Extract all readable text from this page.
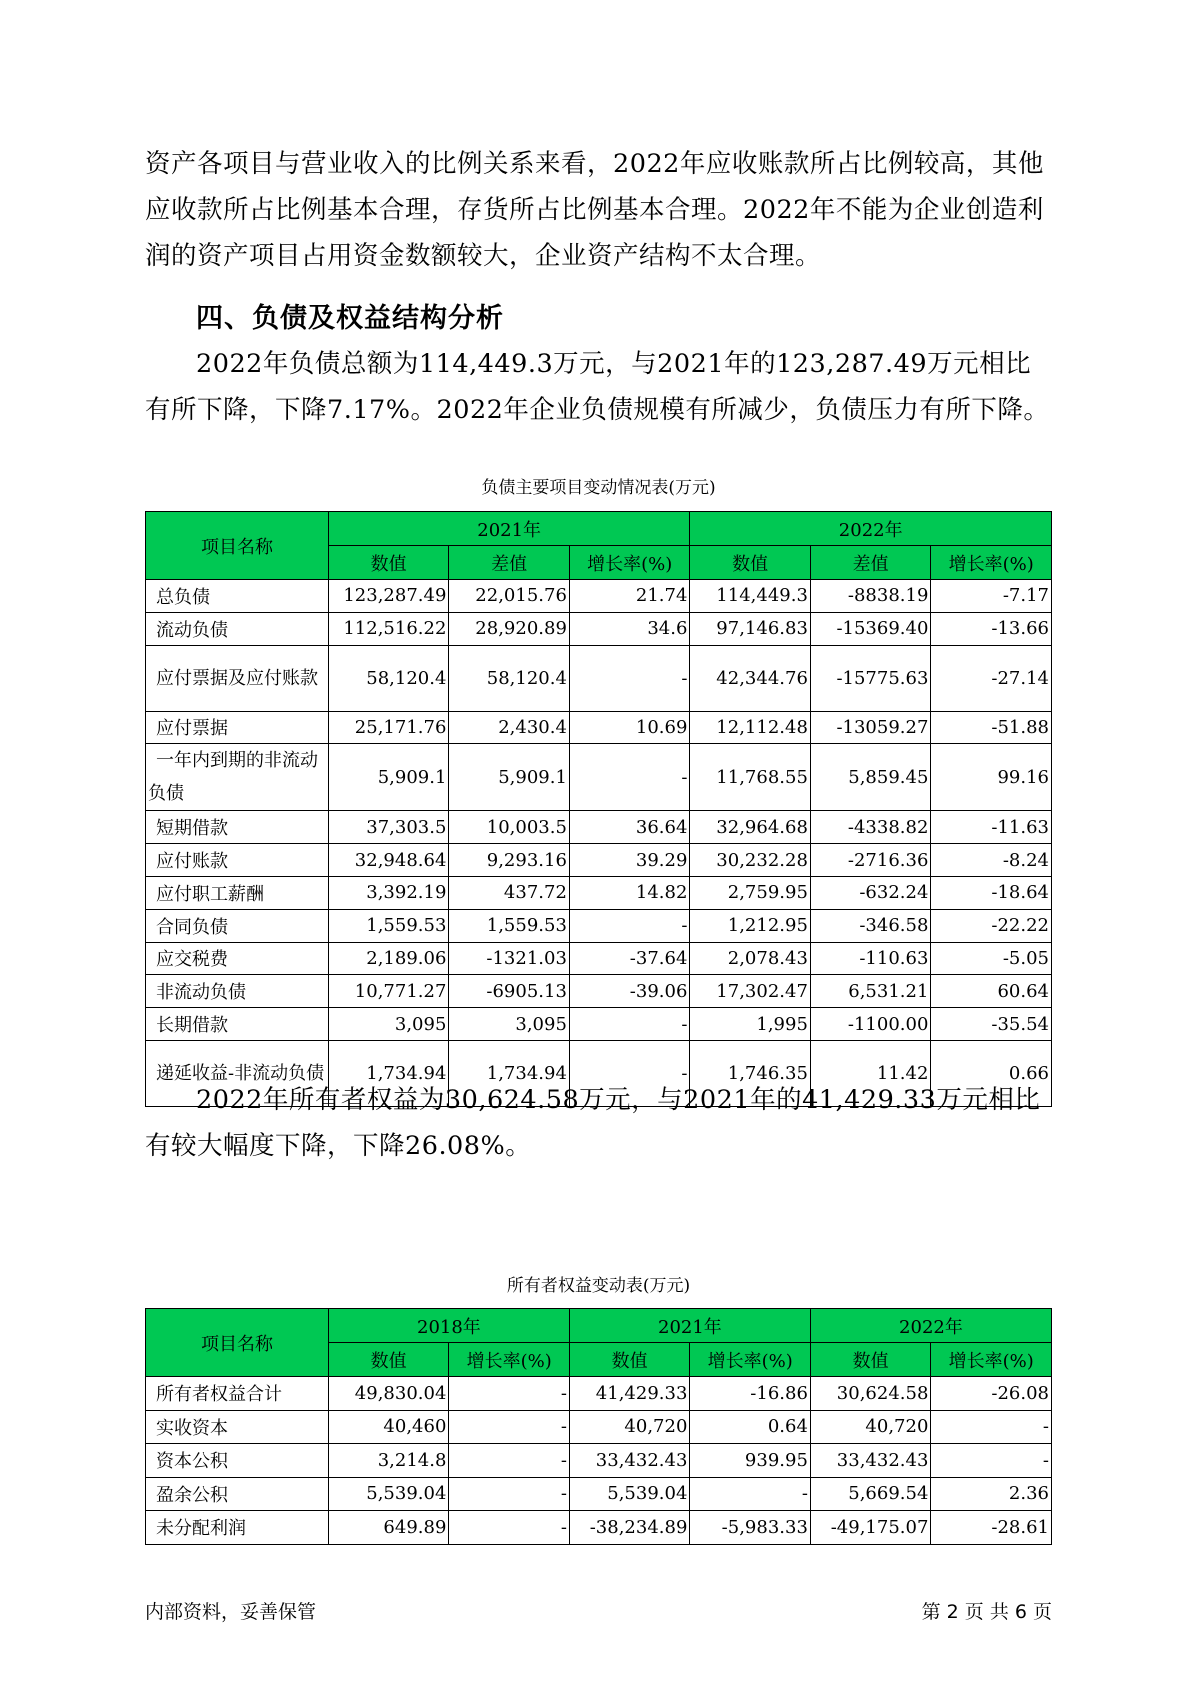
资产各项目与营业收入的比例关系来看，2022年应收账款所占比例较高，其他应收款所占比例基本合理，存货所占比例基本合理。2022年不能为企业创造利润的资产项目占用资金数额较大，企业资产结构不太合理。

四、负债及权益结构分析

2022年负债总额为114,449.3万元，与2021年的123,287.49万元相比有所下降，下降7.17%。2022年企业负债规模有所减少，负债压力有所下降。

负债主要项目变动情况表(万元)

项目名称	2021年			2022年		
	数值	差值	增长率(%)	数值	差值	增长率(%)
总负债	123,287.49	22,015.76	21.74	114,449.3	-8838.19	-7.17
流动负债	112,516.22	28,920.89	34.6	97,146.83	-15369.40	-13.66
应付票据及应付账款	58,120.4	58,120.4	-	42,344.76	-15775.63	-27.14
应付票据	25,171.76	2,430.4	10.69	12,112.48	-13059.27	-51.88
一年内到期的非流动负债	5,909.1	5,909.1	-	11,768.55	5,859.45	99.16
短期借款	37,303.5	10,003.5	36.64	32,964.68	-4338.82	-11.63
应付账款	32,948.64	9,293.16	39.29	30,232.28	-2716.36	-8.24
应付职工薪酬	3,392.19	437.72	14.82	2,759.95	-632.24	-18.64
合同负债	1,559.53	1,559.53	-	1,212.95	-346.58	-22.22
应交税费	2,189.06	-1321.03	-37.64	2,078.43	-110.63	-5.05
非流动负债	10,771.27	-6905.13	-39.06	17,302.47	6,531.21	60.64
长期借款	3,095	3,095	-	1,995	-1100.00	-35.54
递延收益-非流动负债	1,734.94	1,734.94	-	1,746.35	11.42	0.66

2022年所有者权益为30,624.58万元，与2021年的41,429.33万元相比有较大幅度下降，下降26.08%。

所有者权益变动表(万元)

项目名称	2018年		2021年		2022年	
	数值	增长率(%)	数值	增长率(%)	数值	增长率(%)
所有者权益合计	49,830.04	-	41,429.33	-16.86	30,624.58	-26.08
实收资本	40,460	-	40,720	0.64	40,720	-
资本公积	3,214.8	-	33,432.43	939.95	33,432.43	-
盈余公积	5,539.04	-	5,539.04	-	5,669.54	2.36
未分配利润	649.89	-	-38,234.89	-5,983.33	-49,175.07	-28.61
内部资料，妥善保管	第 2 页 共 6 页
